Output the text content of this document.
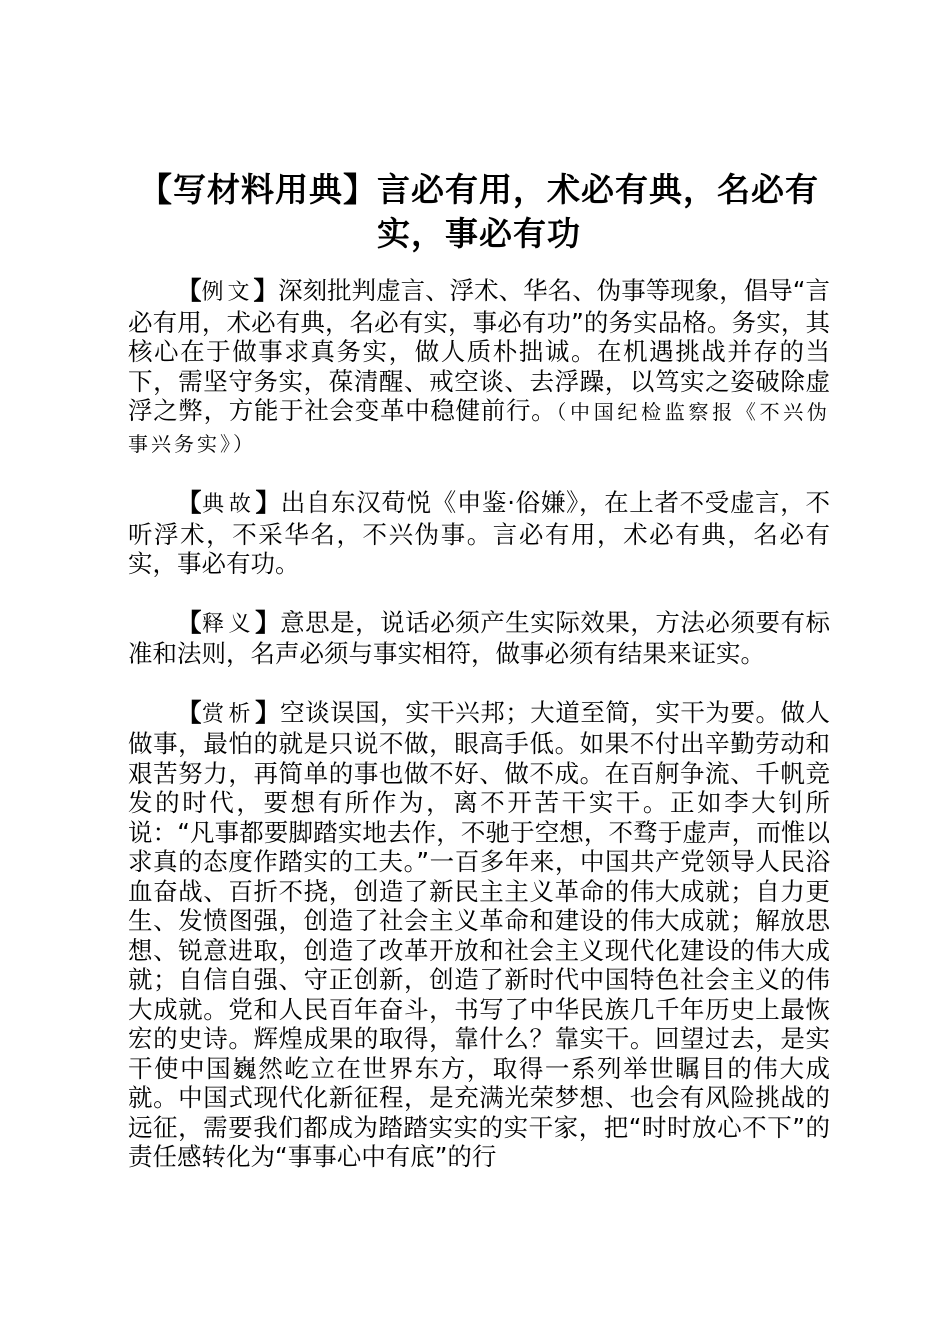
【写材料用典】言必有用，术必有典，名必有实，事必有功

【例文】深刻批判虚言、浮术、华名、伪事等现象，倡导“言必有用，术必有典，名必有实，事必有功”的务实品格。务实，其核心在于做事求真务实，做人质朴拙诚。在机遇挑战并存的当下，需坚守务实，葆清醒、戒空谈、去浮躁，以笃实之姿破除虚浮之弊，方能于社会变革中稳健前行。（中国纪检监察报《不兴伪事兴务实》）

【典故】出自东汉荀悦《申鉴·俗嫌》，在上者不受虚言，不听浮术，不采华名，不兴伪事。言必有用，术必有典，名必有实，事必有功。

【释义】意思是，说话必须产生实际效果，方法必须要有标准和法则，名声必须与事实相符，做事必须有结果来证实。

【赏析】空谈误国，实干兴邦；大道至简，实干为要。做人做事，最怕的就是只说不做，眼高手低。如果不付出辛勤劳动和艰苦努力，再简单的事也做不好、做不成。在百舸争流、千帆竞发的时代，要想有所作为，离不开苦干实干。正如李大钊所说：“凡事都要脚踏实地去作，不驰于空想，不骛于虚声，而惟以求真的态度作踏实的工夫。”一百多年来，中国共产党领导人民浴血奋战、百折不挠，创造了新民主主义革命的伟大成就；自力更生、发愤图强，创造了社会主义革命和建设的伟大成就；解放思想、锐意进取，创造了改革开放和社会主义现代化建设的伟大成就；自信自强、守正创新，创造了新时代中国特色社会主义的伟大成就。党和人民百年奋斗，书写了中华民族几千年历史上最恢宏的史诗。辉煌成果的取得，靠什么？靠实干。回望过去，是实干使中国巍然屹立在世界东方，取得一系列举世瞩目的伟大成就。中国式现代化新征程，是充满光荣梦想、也会有风险挑战的远征，需要我们都成为踏踏实实的实干家，把“时时放心不下”的责任感转化为“事事心中有底”的行
